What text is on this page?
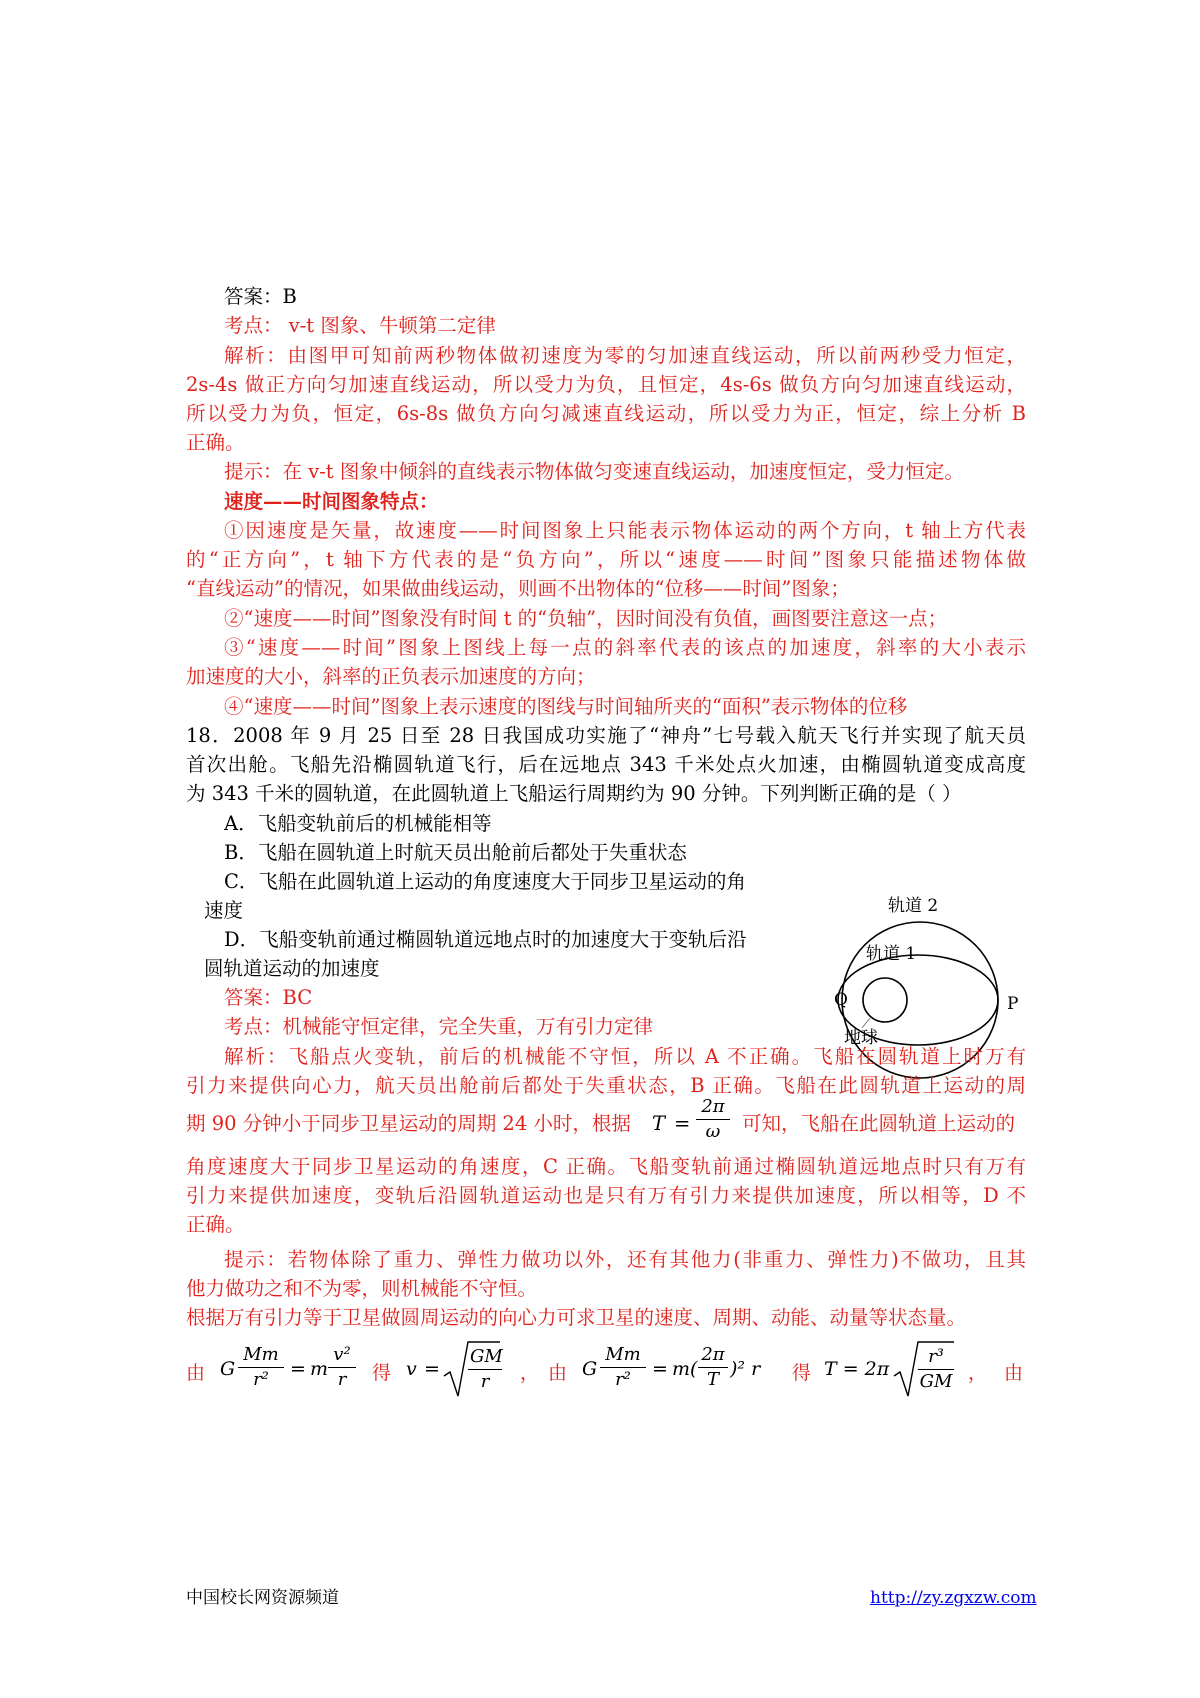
答案：B
考点： v-t 图象、牛顿第二定律
解析：由图甲可知前两秒物体做初速度为零的匀加速直线运动，所以前两秒受力恒定，
2s-4s 做正方向匀加速直线运动，所以受力为负，且恒定，4s-6s 做负方向匀加速直线运动，
所以受力为负，恒定，6s-8s 做负方向匀减速直线运动，所以受力为正，恒定，综上分析 B
正确。
提示：在 v-t 图象中倾斜的直线表示物体做匀变速直线运动，加速度恒定，受力恒定。
速度——时间图象特点：
①因速度是矢量，故速度——时间图象上只能表示物体运动的两个方向，t 轴上方代表
的“正方向”，t 轴下方代表的是“负方向”，所以“速度——时间”图象只能描述物体做
“直线运动”的情况，如果做曲线运动，则画不出物体的“位移——时间”图象；
②“速度——时间”图象没有时间 t 的“负轴”，因时间没有负值，画图要注意这一点；
③“速度——时间”图象上图线上每一点的斜率代表的该点的加速度，斜率的大小表示
加速度的大小，斜率的正负表示加速度的方向；
④“速度——时间”图象上表示速度的图线与时间轴所夹的“面积”表示物体的位移
18．2008 年 9 月 25 日至 28 日我国成功实施了“神舟”七号载入航天飞行并实现了航天员
首次出舱。飞船先沿椭圆轨道飞行，后在远地点 343 千米处点火加速，由椭圆轨道变成高度
为 343 千米的圆轨道，在此圆轨道上飞船运行周期约为 90 分钟。下列判断正确的是（ ）
A．飞船变轨前后的机械能相等
B．飞船在圆轨道上时航天员出舱前后都处于失重状态
C．飞船在此圆轨道上运动的角度速度大于同步卫星运动的角
速度
D．飞船变轨前通过椭圆轨道远地点时的加速度大于变轨后沿
圆轨道运动的加速度
轨道 2
轨道 1
Q	P
地球
答案：BC
考点：机械能守恒定律，完全失重，万有引力定律
解析：飞船点火变轨，前后的机械能不守恒，所以 A 不正确。飞船在圆轨道上时万有
引力来提供向心力，航天员出舱前后都处于失重状态，B 正确。飞船在此圆轨道上运动的周
期 90 分钟小于同步卫星运动的周期 24 小时，根据 T =
2π
ω	可知，飞船在此圆轨道上运动的
角度速度大于同步卫星运动的角速度，C 正确。飞船变轨前通过椭圆轨道远地点时只有万有
引力来提供加速度，变轨后沿圆轨道运动也是只有万有引力来提供加速度，所以相等，D 不
正确。
提示：若物体除了重力、弹性力做功以外，还有其他力(非重力、弹性力)不做功，且其
他力做功之和不为零，则机械能不守恒。
根据万有引力等于卫星做圆周运动的向心力可求卫星的速度、周期、动能、动量等状态量。
由 G
Mm
r²	= m
v²
r	得 v =
GM
r	， 由 G
Mm
r²	= m(
2π
T )² r 得 T = 2π
r³
GM ， 由
中国校长网资源频道	http://zy.zgxzw.com
